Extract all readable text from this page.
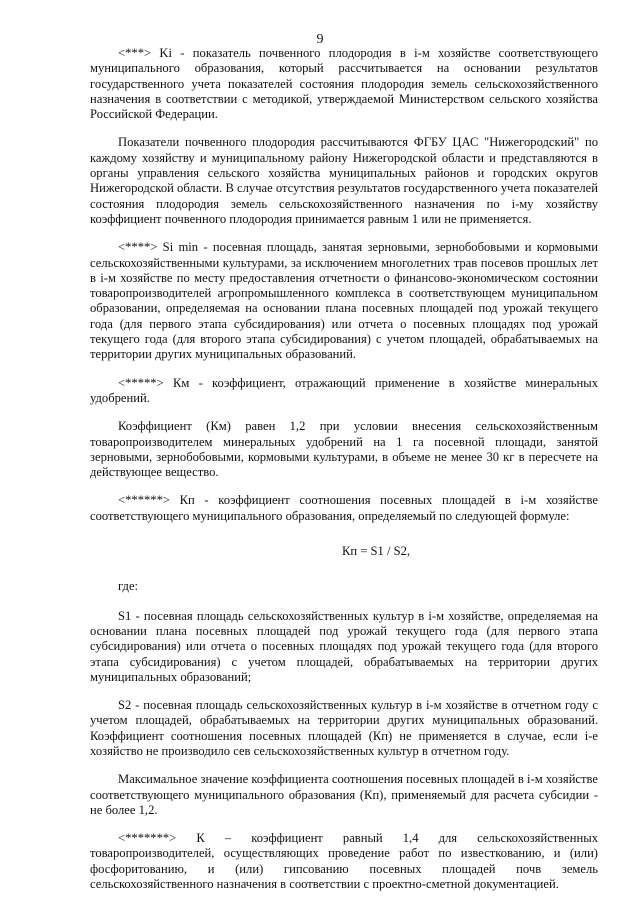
9

<***> Ki - показатель почвенного плодородия в i-м хозяйстве соответствующего муниципального образования, который рассчитывается на основании результатов государственного учета показателей состояния плодородия земель сельскохозяйственного назначения в соответствии с методикой, утверждаемой Министерством сельского хозяйства Российской Федерации.

Показатели почвенного плодородия рассчитываются ФГБУ ЦАС "Нижегородский" по каждому хозяйству и муниципальному району Нижегородской области и представляются в органы управления сельского хозяйства муниципальных районов и городских округов Нижегородской области. В случае отсутствия результатов государственного учета показателей состояния плодородия земель сельскохозяйственного назначения по i-му хозяйству коэффициент почвенного плодородия принимается равным 1 или не применяется.

<****> Si min - посевная площадь, занятая зерновыми, зернобобовыми и кормовыми сельскохозяйственными культурами, за исключением многолетних трав посевов прошлых лет в i-м хозяйстве по месту предоставления отчетности о финансово-экономическом состоянии товаропроизводителей агропромышленного комплекса в соответствующем муниципальном образовании, определяемая на основании плана посевных площадей под урожай текущего года (для первого этапа субсидирования) или отчета о посевных площадях под урожай текущего года (для второго этапа субсидирования) с учетом площадей, обрабатываемых на территории других муниципальных образований.

<*****> Км - коэффициент, отражающий применение в хозяйстве минеральных удобрений.

Коэффициент (Км) равен 1,2 при условии внесения сельскохозяйственным товаропроизводителем минеральных удобрений на 1 га посевной площади, занятой зерновыми, зернобобовыми, кормовыми культурами, в объеме не менее 30 кг в пересчете на действующее вещество.

<******> Кп - коэффициент соотношения посевных площадей в i-м хозяйстве соответствующего муниципального образования, определяемый по следующей формуле:

Кп = S1 / S2,
где:

S1 - посевная площадь сельскохозяйственных культур в i-м хозяйстве, определяемая на основании плана посевных площадей под урожай текущего года (для первого этапа субсидирования) или отчета о посевных площадях под урожай текущего года (для второго этапа субсидирования) с учетом площадей, обрабатываемых на территории других муниципальных образований;

S2 - посевная площадь сельскохозяйственных культур в i-м хозяйстве в отчетном году с учетом площадей, обрабатываемых на территории других муниципальных образований. Коэффициент соотношения посевных площадей (Кп) не применяется в случае, если i-е хозяйство не производило сев сельскохозяйственных культур в отчетном году.

Максимальное значение коэффициента соотношения посевных площадей в i-м хозяйстве соответствующего муниципального образования (Кп), применяемый для расчета субсидии - не более 1,2.

<*******> К – коэффициент равный 1,4 для сельскохозяйственных товаропроизводителей, осуществляющих проведение работ по известкованию, и (или) фосфоритованию, и (или) гипсованию посевных площадей почв земель сельскохозяйственного назначения в соответствии с проектно-сметной документацией.
